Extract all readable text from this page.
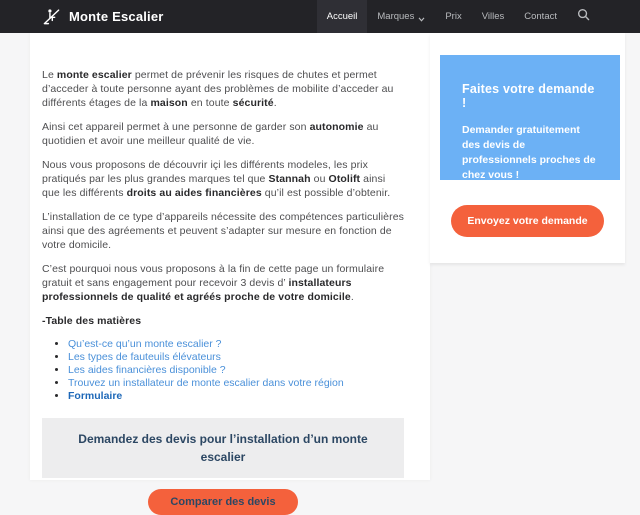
Monte Escalier	Accueil Marques	Prix Villes Contact

Le monte escalier permet de prévenir les risques de chutes et permet d’acceder à toute personne ayant des problèmes de mobilite d’acceder au différents étages de la maison en toute sécurité.

Ainsi cet appareil permet à une personne de garder son autonomie au quotidien et avoir une meilleur qualité de vie.

Nous vous proposons de découvrir içi les différents modeles, les prix pratiqués par les plus grandes marques tel que Stannah ou Otolift ainsi que les différents droits au aides financières qu’il est possible d’obtenir.

L’installation de ce type d’appareils nécessite des compétences particulières ainsi que des agréements et peuvent s’adapter sur mesure en fonction de votre domicile.

C’est pourquoi nous vous proposons à la fin de cette page un formulaire gratuit et sans engagement pour recevoir 3 devis d’ installateurs professionnels de qualité et agréés proche de votre domicile.

-Table des matières

• Qu’est-ce qu’un monte escalier ?
• Les types de fauteuils élévateurs
• Les aides financières disponible ?
• Trouvez un installateur de monte escalier dans votre région
• Formulaire
Demandez des devis pour l’installation d’un monte escalier
Comparer des devis
Faites votre demande !
Demander gratuitement des devis de professionnels proches de chez vous !
Envoyez votre demande
